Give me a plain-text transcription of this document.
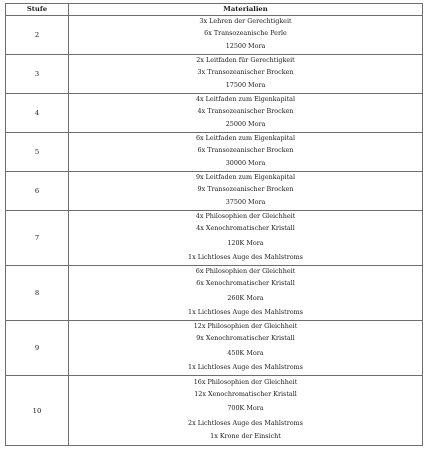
Stufe	Materialien
2	3x Lehren der Gerechtigkeit
6x Transozeanische Perle
12500 Mora

3	2x Leitfaden für Gerechtigkeit
3x Transozeanischer Brocken
17500 Mora

4	4x Leitfaden zum Eigenkapital
4x Transozeanischer Brocken
25000 Mora

5	6x Leitfaden zum Eigenkapital
6x Transozeanischer Brocken
30000 Mora

6	9x Leitfaden zum Eigenkapital
9x Transozeanischer Brocken
37500 Mora

7	4x Philosophien der Gleichheit
4x Xenochromatischer Kristall
120K Mora
1x Lichtloses Auge des Mahlstroms

8	6x Philosophien der Gleichheit
6x Xenochromatischer Kristall
260K Mora
1x Lichtloses Auge des Mahlstroms

9	12x Philosophien der Gleichheit
9x Xenochromatischer Kristall
450K Mora
1x Lichtloses Auge des Mahlstroms

10	16x Philosophien der Gleichheit
12x Xenochromatischer Kristall
700K Mora
2x Lichtloses Auge des Mahlstroms
1x Krone der Einsicht
